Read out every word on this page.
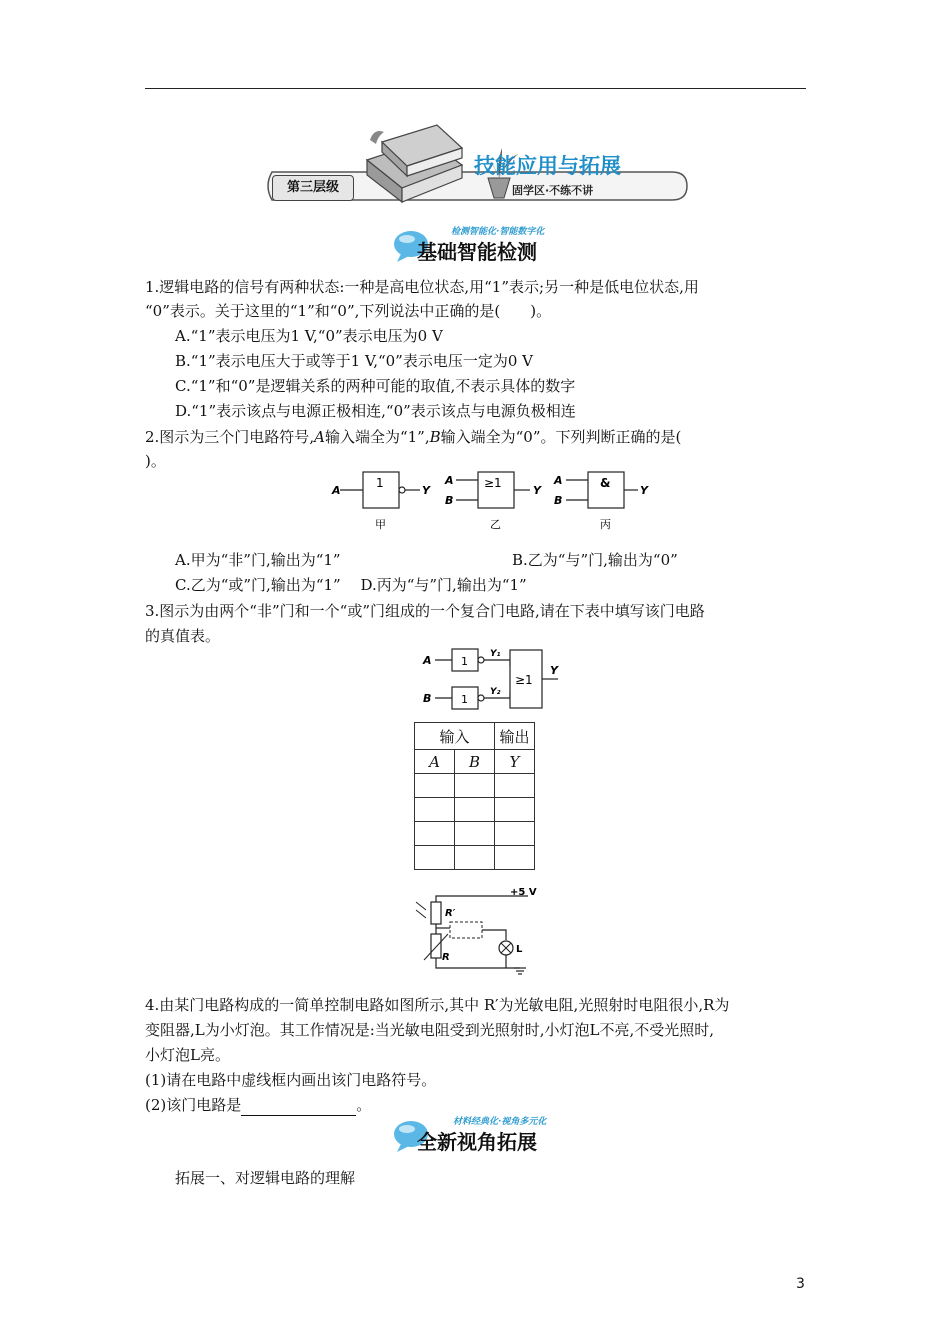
第三层级
技能应用与拓展
固学区·不练不讲
检测智能化·智能数字化
基础智能检测
1.逻辑电路的信号有两种状态:一种是高电位状态,用“1”表示;另一种是低电位状态,用
“0”表示。关于这里的“1”和“0”,下列说法中正确的是(　　)。
A.“1”表示电压为1 V,“0”表示电压为0 V
B.“1”表示电压大于或等于1 V,“0”表示电压一定为0 V
C.“1”和“0”是逻辑关系的两种可能的取值,不表示具体的数字
D.“1”表示该点与电源正极相连,“0”表示该点与电源负极相连
2.图示为三个门电路符号,A输入端全为“1”,B输入端全为“0”。下列判断正确的是(
)。
A
1
Y
甲
A
B
≥1
Y
乙
A
B
&
Y
丙
A.甲为“非”门,输出为“1”	B.乙为“与”门,输出为“0”
C.乙为“或”门,输出为“1”　 D.丙为“与”门,输出为“1”
3.图示为由两个“非”门和一个“或”门组成的一个复合门电路,请在下表中填写该门电路
的真值表。
A
B
1
1
Y₁
Y₂
≥1
Y
输入		输出
A	B	Y

+5 V
R′
R
L
4.由某门电路构成的一简单控制电路如图所示,其中 R′为光敏电阻,光照射时电阻很小,R为
变阻器,L为小灯泡。其工作情况是:当光敏电阻受到光照射时,小灯泡L不亮,不受光照时,
小灯泡L亮。
(1)请在电路中虚线框内画出该门电路符号。
(2)该门电路是	。
材料经典化·视角多元化
全新视角拓展
拓展一、对逻辑电路的理解
3
